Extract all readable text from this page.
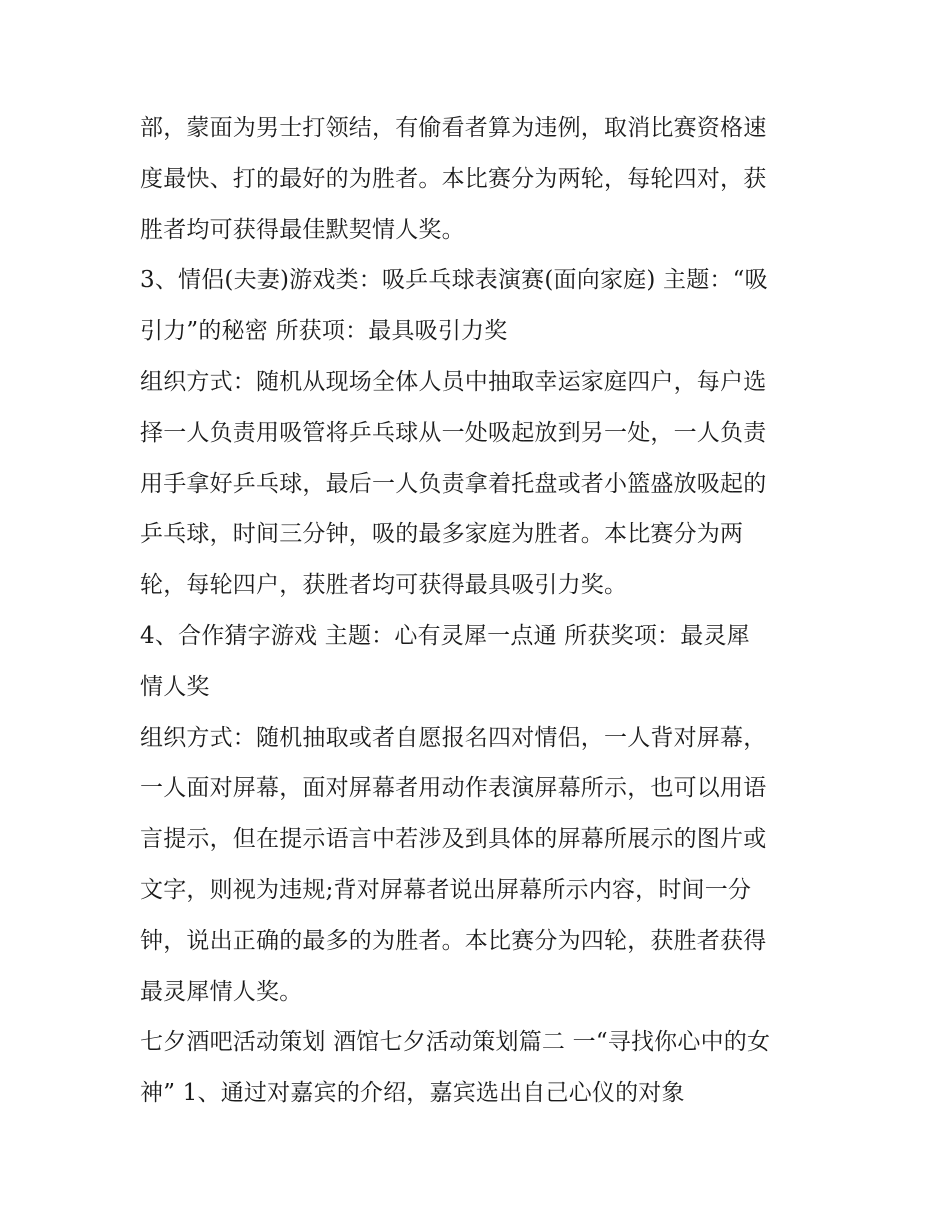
部，蒙面为男士打领结，有偷看者算为违例，取消比赛资格速
度最快、打的最好的为胜者。本比赛分为两轮，每轮四对，获
胜者均可获得最佳默契情人奖。
3、情侣(夫妻)游戏类：吸乒乓球表演赛(面向家庭) 主题：“吸
引力”的秘密 所获项：最具吸引力奖
组织方式：随机从现场全体人员中抽取幸运家庭四户，每户选
择一人负责用吸管将乒乓球从一处吸起放到另一处，一人负责
用手拿好乒乓球，最后一人负责拿着托盘或者小篮盛放吸起的
乒乓球，时间三分钟，吸的最多家庭为胜者。本比赛分为两
轮，每轮四户，获胜者均可获得最具吸引力奖。
4、合作猜字游戏 主题：心有灵犀一点通 所获奖项：最灵犀
情人奖
组织方式：随机抽取或者自愿报名四对情侣，一人背对屏幕，
一人面对屏幕，面对屏幕者用动作表演屏幕所示，也可以用语
言提示，但在提示语言中若涉及到具体的屏幕所展示的图片或
文字，则视为违规;背对屏幕者说出屏幕所示内容，时间一分
钟，说出正确的最多的为胜者。本比赛分为四轮，获胜者获得
最灵犀情人奖。
七夕酒吧活动策划 酒馆七夕活动策划篇二 一“寻找你心中的女
神” 1、通过对嘉宾的介绍，嘉宾选出自己心仪的对象
